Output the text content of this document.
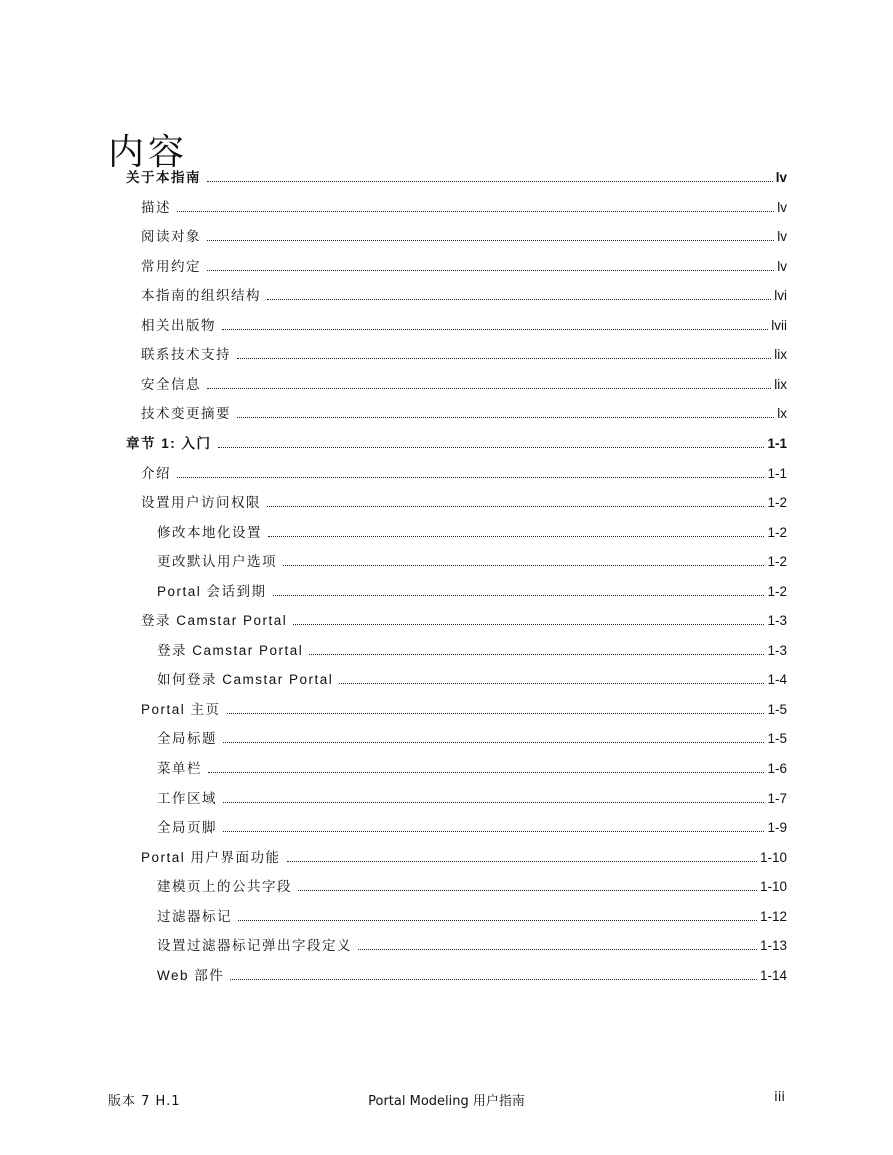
内容
关于本指南	lv
描述	lv
阅读对象	lv
常用约定	lv
本指南的组织结构	lvi
相关出版物	lvii
联系技术支持	lix
安全信息	lix
技术变更摘要	lx
章节 1: 入门	1-1
介绍	1-1
设置用户访问权限	1-2
修改本地化设置	1-2
更改默认用户选项	1-2
Portal 会话到期	1-2
登录 Camstar Portal	1-3
登录 Camstar Portal	1-3
如何登录 Camstar Portal	1-4
Portal 主页	1-5
全局标题	1-5
菜单栏	1-6
工作区域	1-7
全局页脚	1-9
Portal 用户界面功能	1-10
建模页上的公共字段	1-10
过滤器标记	1-12
设置过滤器标记弹出字段定义	1-13
Web 部件	1-14
版本 7 H.1	Portal Modeling 用户指南	iii
